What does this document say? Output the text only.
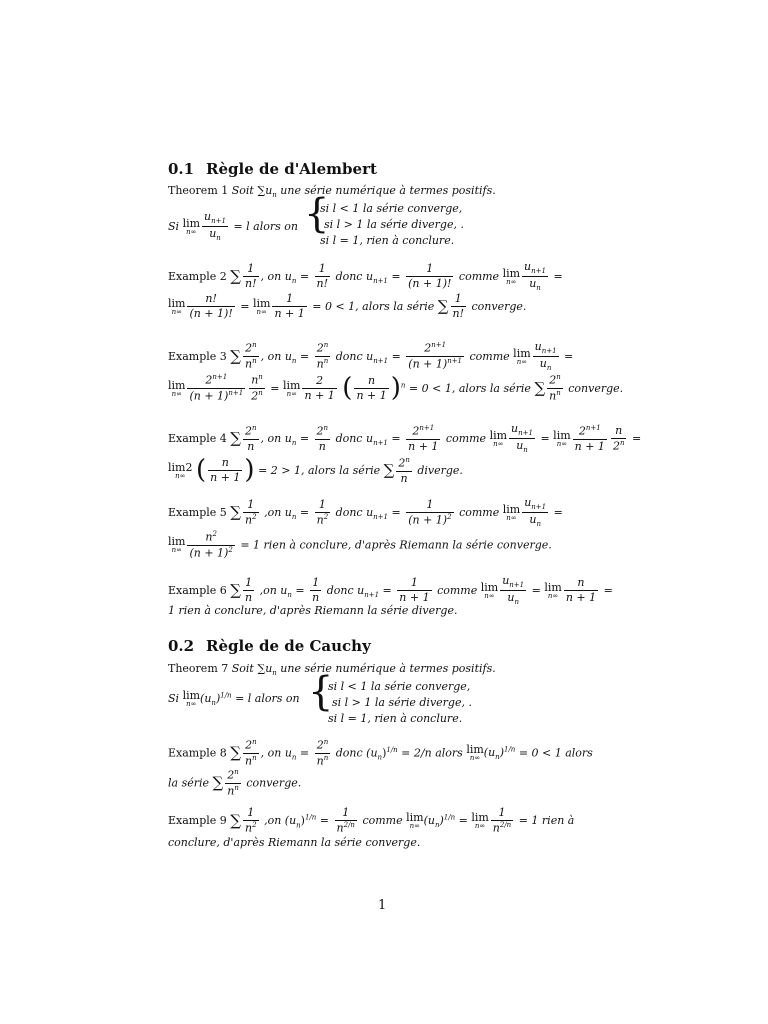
0.1 Règle de d'Alembert
Theorem 1 Soit $\sum u_n$ une série numérique à termes positifs.
Si lim
$n\infty \frac{u_{n+1}}{u_n} = l$ alors on {
si l < 1 la série converge,
si l > 1 la série diverge, .
si l = 1, rien à conclure.
Example 2 ∑ $\frac{1}{n!}$ , on $u_n = \frac{1}{n!}$ donc $u_{n+1} = \frac{1}{(n + 1)!}$ comme lim
$n\infty \frac{u_{n+1}}{u_n}$ =
lim
$n\infty \frac{n!}{(n + 1)!} = \lim$
$n\infty \frac{1}{n + 1} = 0 < 1$, alors la série ∑ $\frac{1}{n!}$ converge.
Example 3 ∑ $\frac{2^n}{n^n}$ , on $u_n = \frac{2^n}{n^n}$ donc $u_{n+1} = \frac{2^{n+1}}{(n + 1)^{n+1}}$ comme lim
$n\infty \frac{u_{n+1}}{u_n}$ =
lim
$n\infty \frac{2^{n+1}}{(n + 1)^{n+1}} \frac{n^n}{2^n} = \lim$
$n\infty \frac{2}{n + 1}$ ( $\frac{n}{n + 1} )^n = 0 < 1$, alors la série ∑ $\frac{2^n}{n^n}$ converge.
Example 4 ∑ $\frac{2^n}{n}$ , on $u_n = \frac{2^n}{n}$ donc $u_{n+1} = \frac{2^{n+1}}{n + 1}$ comme lim
$n\infty \frac{u_{n+1}}{u_n} = \lim$
$n\infty \frac{2^{n+1}}{n + 1} \frac{n}{2^n}$ =
lim2
n∞ ( $\frac{n}{n + 1}$ ) = 2 > 1, alors la série ∑ $\frac{2^n}{n}$ diverge.
Example 5 ∑ $\frac{1}{n^2} ,on$ $u_n = \frac{1}{n^2}$ donc $u_{n+1} = \frac{1}{(n + 1)^2}$ comme lim
$n\infty \frac{u_{n+1}}{u_n}$ =
lim
$n\infty \frac{n^2}{(n + 1)^2} = 1$ rien à conclure, d'après Riemann la série converge.
Example 6 ∑ $\frac{1}{n} ,on$ $u_n = \frac{1}{n}$ donc $u_{n+1} = \frac{1}{n + 1}$ comme lim
$n\infty \frac{u_{n+1}}{u_n} = \lim$
$n\infty \frac{n}{n + 1}$ =
1 rien à conclure, d'après Riemann la série diverge.
0.2 Règle de de Cauchy
Theorem 7 Soit $\sum u_n$ une série numérique à termes positifs.
Si lim
n∞ $(u_n)^{1/n} = l$ alors on {
si l < 1 la série converge,
si l > 1 la série diverge, .
si l = 1, rien à conclure.
Example 8 ∑ $\frac{2^n}{n^n}$ , on $u_n = \frac{2^n}{n^n}$ donc $(u_n)^{1/n} = 2/n$ alors lim
n∞ $(u_n)^{1/n} = 0 < 1$ alors
la série ∑ $\frac{2^n}{n^n}$ converge.
Example 9 ∑ $\frac{1}{n^2} ,on$ $(u_n)^{1/n} = \frac{1}{n^{2/n}}$ comme lim
n∞ $(u_n)^{1/n} = \lim$
$n\infty \frac{1}{n^{2/n}} = 1$ rien à
conclure, d'après Riemann la série converge.
1
